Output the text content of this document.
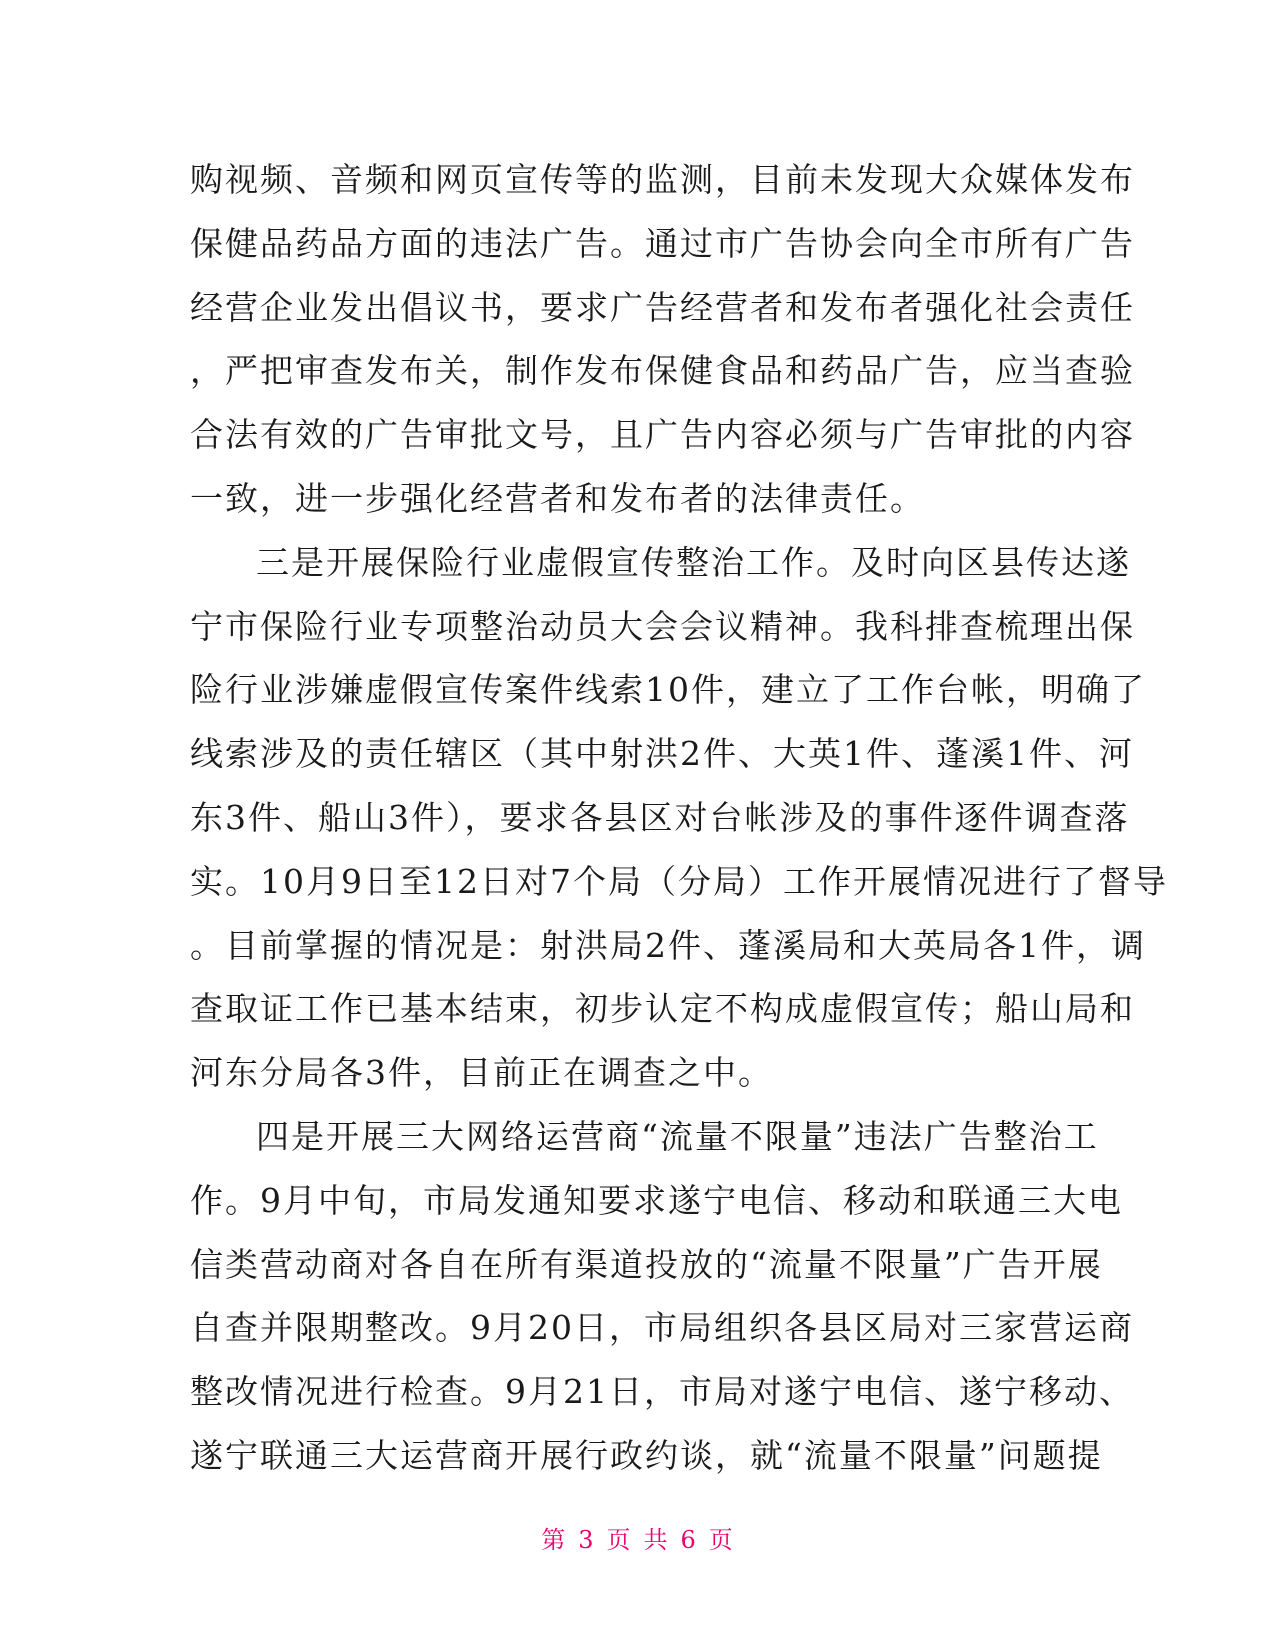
购视频、音频和网页宣传等的监测，目前未发现大众媒体发布
保健品药品方面的违法广告。通过市广告协会向全市所有广告
经营企业发出倡议书，要求广告经营者和发布者强化社会责任
，严把审查发布关，制作发布保健食品和药品广告，应当查验
合法有效的广告审批文号，且广告内容必须与广告审批的内容
一致，进一步强化经营者和发布者的法律责任。
三是开展保险行业虚假宣传整治工作。及时向区县传达遂
宁市保险行业专项整治动员大会会议精神。我科排查梳理出保
险行业涉嫌虚假宣传案件线索10件，建立了工作台帐，明确了
线索涉及的责任辖区（其中射洪2件、大英1件、蓬溪1件、河
东3件、船山3件），要求各县区对台帐涉及的事件逐件调查落
实。10月9日至12日对7个局（分局）工作开展情况进行了督导
。目前掌握的情况是：射洪局2件、蓬溪局和大英局各1件，调
查取证工作已基本结束，初步认定不构成虚假宣传；船山局和
河东分局各3件，目前正在调查之中。
四是开展三大网络运营商“流量不限量”违法广告整治工
作。9月中旬，市局发通知要求遂宁电信、移动和联通三大电
信类营动商对各自在所有渠道投放的“流量不限量”广告开展
自查并限期整改。9月20日，市局组织各县区局对三家营运商
整改情况进行检查。9月21日，市局对遂宁电信、遂宁移动、
遂宁联通三大运营商开展行政约谈，就“流量不限量”问题提
第 3 页 共 6 页
